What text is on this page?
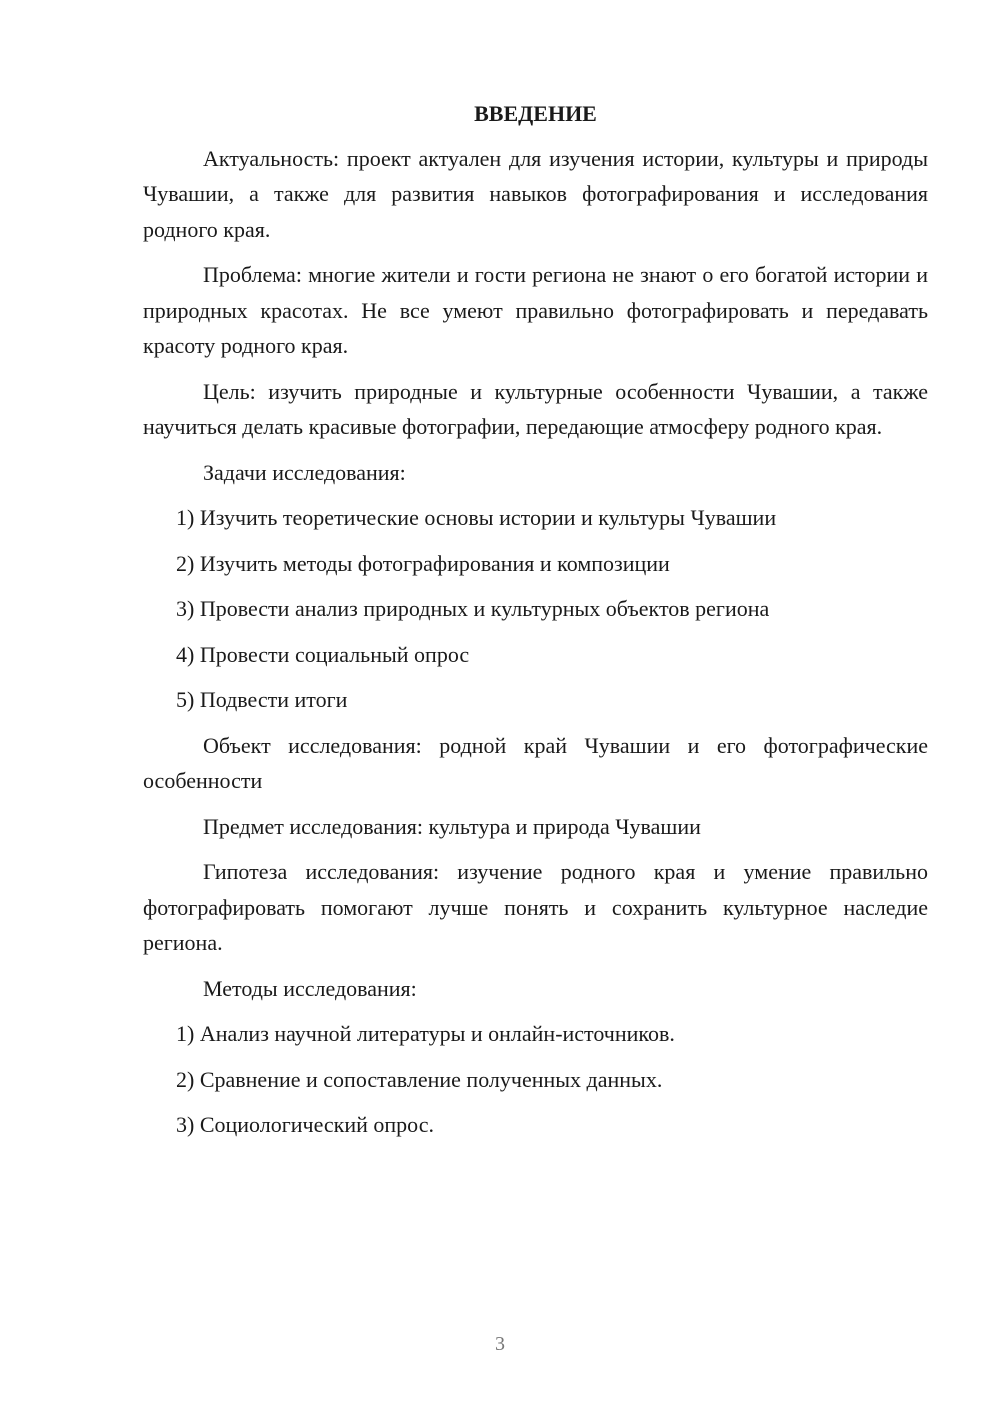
ВВЕДЕНИЕ

Актуальность: проект актуален для изучения истории, культуры и природы Чувашии, а также для развития навыков фотографирования и исследования родного края.

Проблема: многие жители и гости региона не знают о его богатой истории и природных красотах. Не все умеют правильно фотографировать и передавать красоту родного края.

Цель: изучить природные и культурные особенности Чувашии, а также научиться делать красивые фотографии, передающие атмосферу родного края.

Задачи исследования:

1) Изучить теоретические основы истории и культуры Чувашии
2) Изучить методы фотографирования и композиции
3) Провести анализ природных и культурных объектов региона
4) Провести социальный опрос
5) Подвести итоги

Объект исследования: родной край Чувашии и его фотографические особенности

Предмет исследования: культура и природа Чувашии

Гипотеза исследования: изучение родного края и умение правильно фотографировать помогают лучше понять и сохранить культурное наследие региона.

Методы исследования:

1) Анализ научной литературы и онлайн-источников.
2) Сравнение и сопоставление полученных данных.
3) Социологический опрос.
3
